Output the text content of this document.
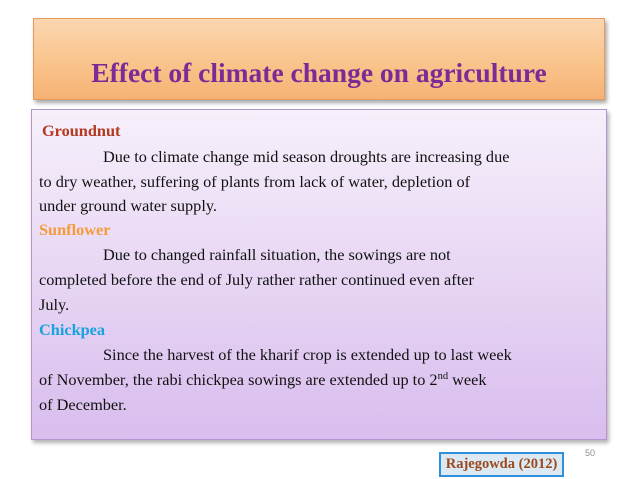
Effect of climate change on agriculture

Groundnut

Due to climate change mid season droughts are increasing due

to dry weather, suffering of plants from lack of water, depletion of

under ground water supply.

Sunflower

Due to changed rainfall situation, the sowings are not

completed before the end of July rather rather continued even after

July.

Chickpea

Since the harvest of the kharif crop is extended up to last week

of November, the rabi chickpea sowings are extended up to 2nd week

of December.

50
Rajegowda (2012)
